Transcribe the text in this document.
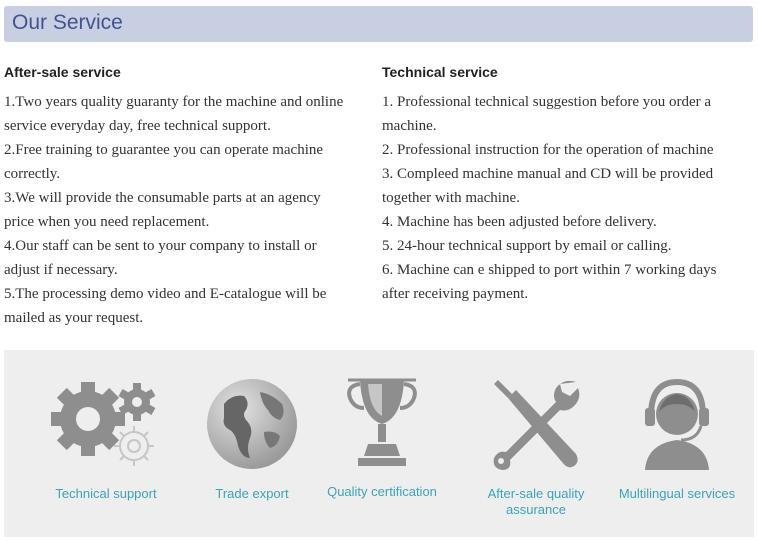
Our Service
After-sale service
1.Two years quality guaranty for the machine and online
service everyday day, free technical support.
2.Free training to guarantee you can operate machine
correctly.
3.We will provide the consumable parts at an agency
price when you need replacement.
4.Our staff can be sent to your company to install or
adjust if necessary.
5.The processing demo video and E-catalogue will be
mailed as your request.
Technical service
1. Professional technical suggestion before you order a
machine.
2. Professional instruction for the operation of machine
3. Compleed machine manual and CD will be provided
together with machine.
4. Machine has been adjusted before delivery.
5. 24-hour technical support by email or calling.
6. Machine can e shipped to port within 7 working days
after receiving payment.
Technical support	Trade export	Quality certification	After-sale quality
assurance
Multilingual services
